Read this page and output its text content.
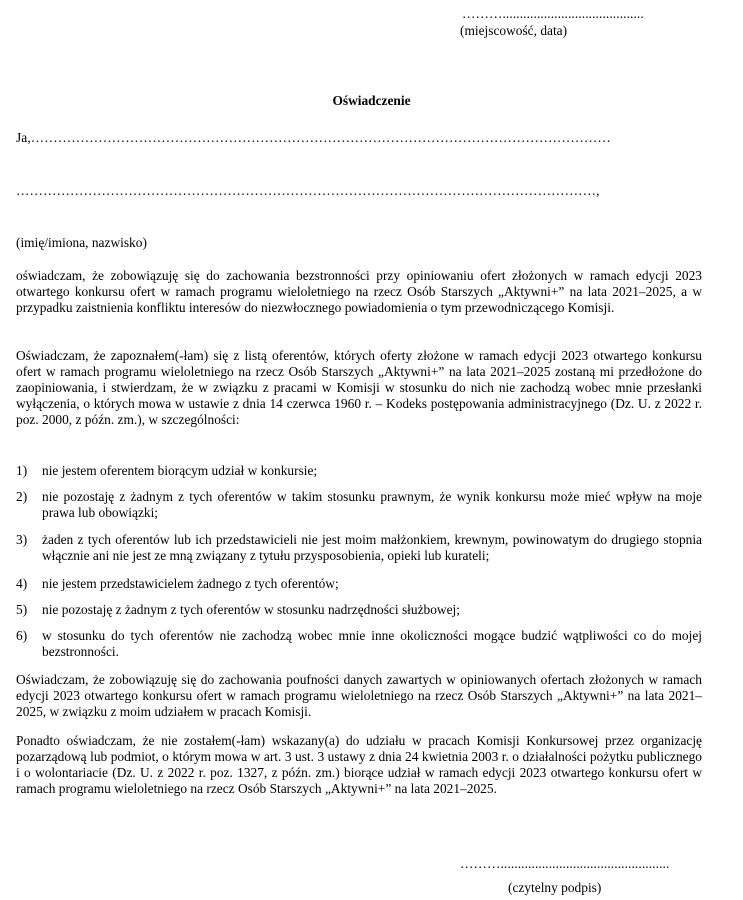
……….........................................
(miejscowość, data)
Oświadczenie
Ja,…………………………………………………………………………………………………………………
…………………………………………………………………………………………………………………,
(imię/imiona, nazwisko)

oświadczam, że zobowiązuję się do zachowania bezstronności przy opiniowaniu ofert złożonych w ramach edycji 2023 otwartego konkursu ofert w ramach programu wieloletniego na rzecz Osób Starszych „Aktywni+” na lata 2021–2025, a w przypadku zaistnienia konfliktu interesów do niezwłocznego powiadomienia o tym przewodniczącego Komisji.

Oświadczam, że zapoznałem(-łam) się z listą oferentów, których oferty złożone w ramach edycji 2023 otwartego konkursu ofert w ramach programu wieloletniego na rzecz Osób Starszych „Aktywni+” na lata 2021–2025 zostaną mi przedłożone do zaopiniowania, i stwierdzam, że w związku z pracami w Komisji w stosunku do nich nie zachodzą wobec mnie przesłanki wyłączenia, o których mowa w ustawie z dnia 14 czerwca 1960 r. – Kodeks postępowania administracyjnego (Dz. U. z 2022 r. poz. 2000, z późn. zm.), w szczególności:

1) nie jestem oferentem biorącym udział w konkursie;
2) nie pozostaję z żadnym z tych oferentów w takim stosunku prawnym, że wynik konkursu może mieć wpływ na moje prawa lub obowiązki;
3) żaden z tych oferentów lub ich przedstawicieli nie jest moim małżonkiem, krewnym, powinowatym do drugiego stopnia włącznie ani nie jest ze mną związany z tytułu przysposobienia, opieki lub kurateli;
4) nie jestem przedstawicielem żadnego z tych oferentów;
5) nie pozostaję z żadnym z tych oferentów w stosunku nadrzędności służbowej;
6) w stosunku do tych oferentów nie zachodzą wobec mnie inne okoliczności mogące budzić wątpliwości co do mojej bezstronności.

Oświadczam, że zobowiązuję się do zachowania poufności danych zawartych w opiniowanych ofertach złożonych w ramach edycji 2023 otwartego konkursu ofert w ramach programu wieloletniego na rzecz Osób Starszych „Aktywni+” na lata 2021–2025, w związku z moim udziałem w pracach Komisji.

Ponadto oświadczam, że nie zostałem(-łam) wskazany(a) do udziału w pracach Komisji Konkursowej przez organizację pozarządową lub podmiot, o którym mowa w art. 3 ust. 3 ustawy z dnia 24 kwietnia 2003 r. o działalności pożytku publicznego i o wolontariacie (Dz. U. z 2022 r. poz. 1327, z późn. zm.) biorące udział w ramach edycji 2023 otwartego konkursu ofert w ramach programu wieloletniego na rzecz Osób Starszych „Aktywni+” na lata 2021–2025.

……….................................................
(czytelny podpis)
